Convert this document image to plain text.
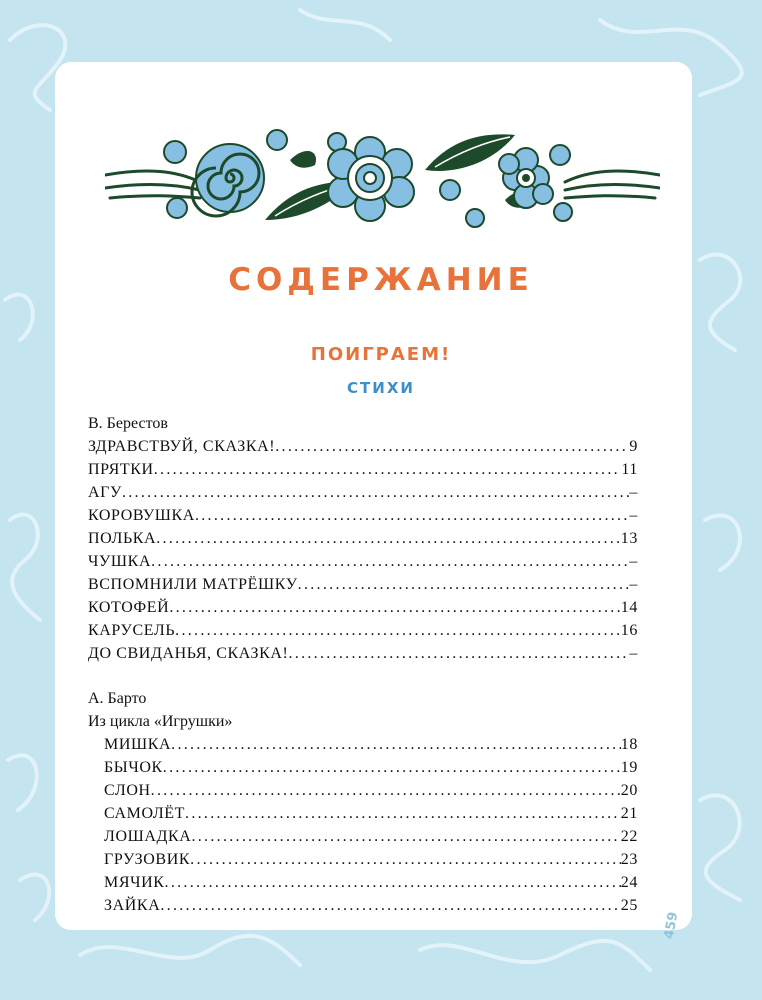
СОДЕРЖАНИЕ
ПОИГРАЕМ!
СТИХИ
В. Берестов
ЗДРАВСТВУЙ, СКАЗКА! .....	9
ПРЯТКИ .....	11
АГУ .....	–
КОРОВУШКА .....	–
ПОЛЬКА .....	13
ЧУШКА .....	–
ВСПОМНИЛИ МАТРЁШКУ .....	–
КОТОФЕЙ .....	14
КАРУСЕЛЬ .....	16
ДО СВИДАНЬЯ, СКАЗКА! .....	–
А. Барто
Из цикла «Игрушки»
МИШКА .....	18
БЫЧОК .....	19
СЛОН .....	20
САМОЛЁТ .....	21
ЛОШАДКА .....	22
ГРУЗОВИК .....	23
МЯЧИК .....	24
ЗАЙКА .....	25
459
